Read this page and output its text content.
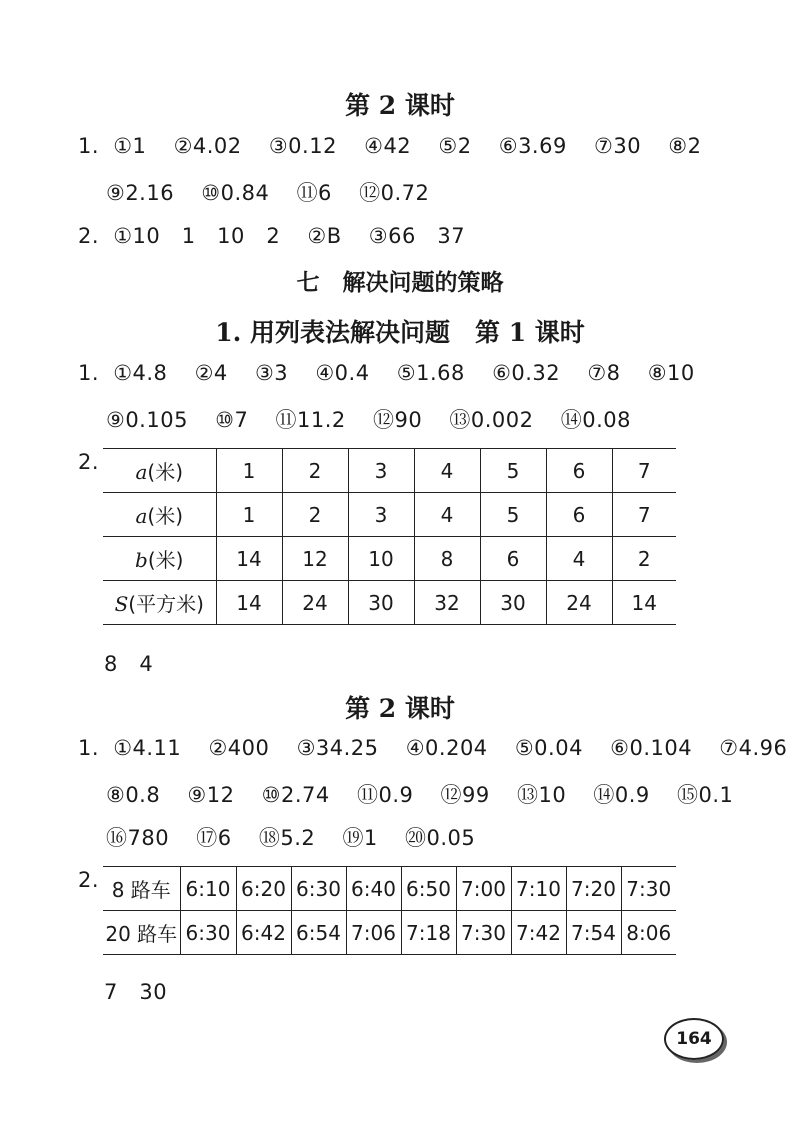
第 2 课时
1. ①1 ②4.02 ③0.12 ④42 ⑤2 ⑥3.69 ⑦30 ⑧2
⑨2.16 ⑩0.84 ⑪6 ⑫0.72
2. ①10　1　10　2 ②B ③66　37
七　解决问题的策略
1. 用列表法解决问题　第 1 课时
1. ①4.8 ②4 ③3 ④0.4 ⑤1.68 ⑥0.32 ⑦8 ⑧10
⑨0.105 ⑩7 ⑪11.2 ⑫90 ⑬0.002 ⑭0.08
2. a(米)	1	2	3	4	5	6	7
a(米)	1	2	3	4	5	6	7
b(米)	14	12	10	8	6	4	2
S(平方米)	14	24	30	32	30	24	14
8　4
第 2 课时
1. ①4.11 ②400 ③34.25 ④0.204 ⑤0.04 ⑥0.104 ⑦4.96
⑧0.8 ⑨12 ⑩2.74 ⑪0.9 ⑫99 ⑬10 ⑭0.9 ⑮0.1
⑯780 ⑰6 ⑱5.2 ⑲1 ⑳0.05
2. 8 路车	6:10	6:20	6:30	6:40	6:50	7:00	7:10	7:20	7:30
20 路车	6:30	6:42	6:54	7:06	7:18	7:30	7:42	7:54	8:06
7　30
164
